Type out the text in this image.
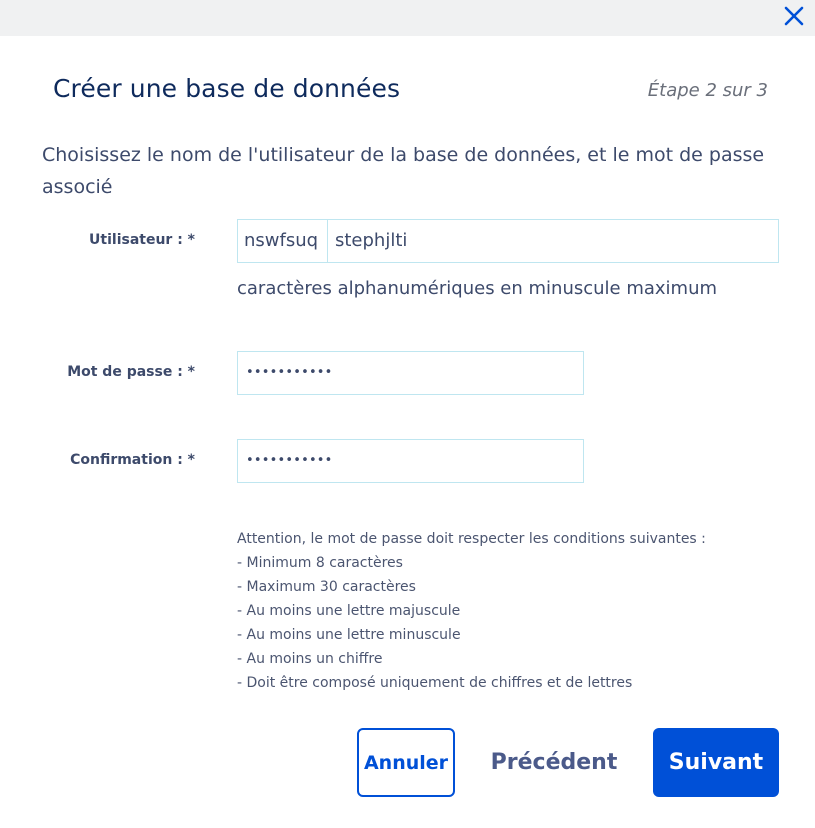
Créer une base de données	Étape 2 sur 3
Choisissez le nom de l'utilisateur de la base de données, et le mot de passe associé
Utilisateur : *	nswfsuq stephjlti
caractères alphanumériques en minuscule maximum
Mot de passe : *	•••••••••••
Confirmation : *	•••••••••••
Attention, le mot de passe doit respecter les conditions suivantes :
- Minimum 8 caractères
- Maximum 30 caractères
- Au moins une lettre majuscule
- Au moins une lettre minuscule
- Au moins un chiffre
- Doit être composé uniquement de chiffres et de lettres
Annuler	Précédent	Suivant
